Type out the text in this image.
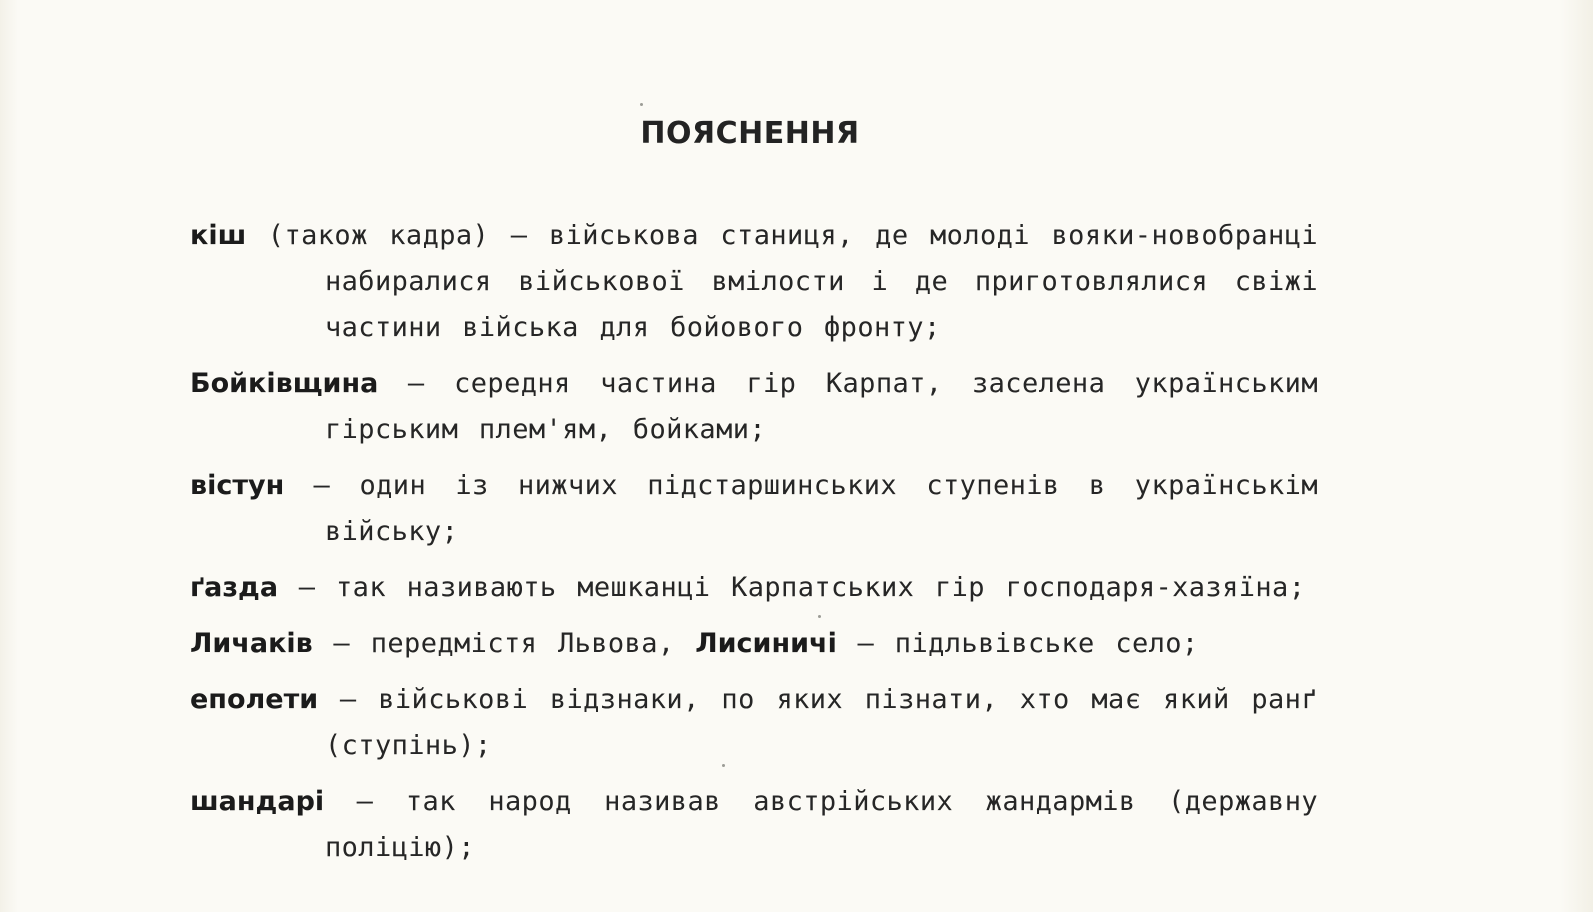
ПОЯСНЕННЯ

кіш (також кадра) — військова станиця, де молоді вояки-новобранці набиралися військової вмілости і де приготовлялися свіжі частини війська для бойового фронту;

Бойківщина — середня частина гір Карпат, заселена українським гірським плем'ям, бойками;

вістун — один із нижчих підстаршинських ступенів в українськім війську;

ґазда — так називають мешканці Карпатських гір господаря-хазяїна;

Личаків — передмістя Львова, Лисиничі — підльвівське село;

еполети — військові відзнаки, по яких пізнати, хто має який ранґ (ступінь);

шандарі — так народ називав австрійських жандармів (державну поліцію);
